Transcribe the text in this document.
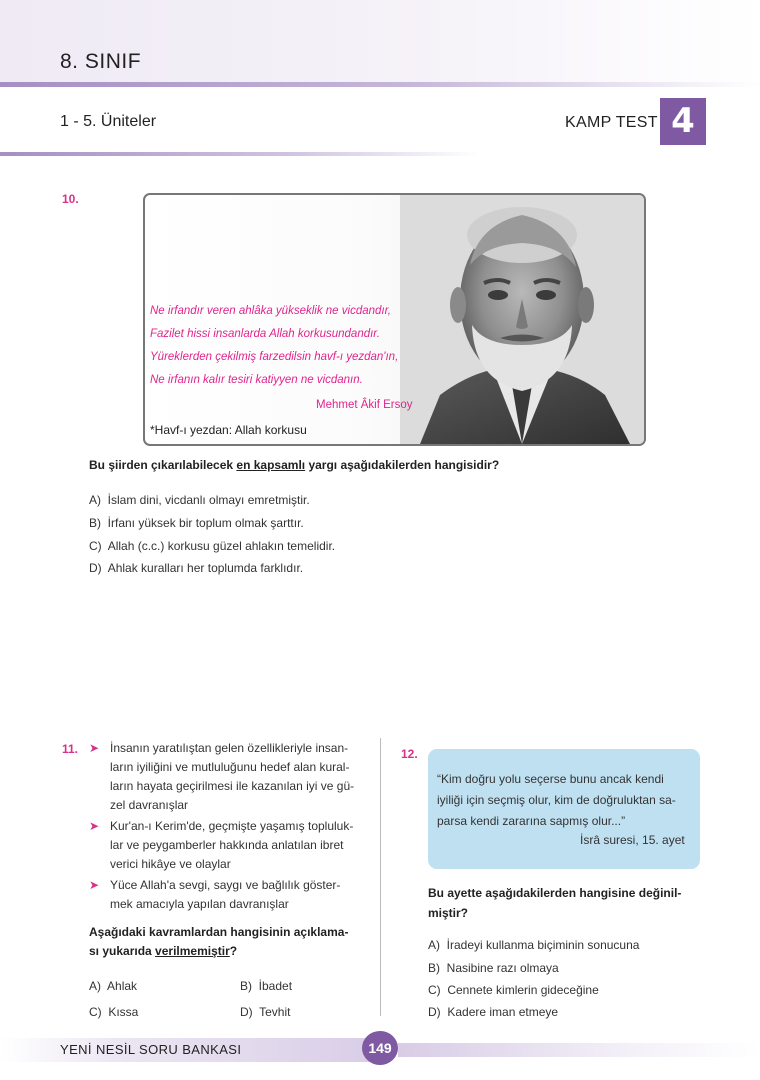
8. SINIF
1 - 5. Üniteler	KAMP TEST 4
10.
Ne irfandır veren ahlâka yükseklik ne vicdandır,
Fazilet hissi insanlarda Allah korkusundandır.
Yüreklerden çekilmiş farzedilsin havf-ı yezdan'ın,
Ne irfanın kalır tesiri katiyyen ne vicdanın.
Mehmet Âkif Ersoy
*Havf-ı yezdan: Allah korkusu
Bu şiirden çıkarılabilecek en kapsamlı yargı aşağıdakilerden hangisidir?
A) İslam dini, vicdanlı olmayı emretmiştir.
B) İrfanı yüksek bir toplum olmak şarttır.
C) Allah (c.c.) korkusu güzel ahlakın temelidir.
D) Ahlak kuralları her toplumda farklıdır.
11. ➤ İnsanın yaratılıştan gelen özellikleriyle insan-
ların iyiliğini ve mutluluğunu hedef alan kural-
ların hayata geçirilmesi ile kazanılan iyi ve gü-
zel davranışlar
➤ Kur'an-ı Kerim'de, geçmişte yaşamış topluluk-
lar ve peygamberler hakkında anlatılan ibret
verici hikâye ve olaylar
➤ Yüce Allah'a sevgi, saygı ve bağlılık göster-
mek amacıyla yapılan davranışlar
Aşağıdaki kavramlardan hangisinin açıklama-
sı yukarıda verilmemiştir?
A) Ahlak	B) İbadet
C) Kıssa	D) Tevhit
12.
“Kim doğru yolu seçerse bunu ancak kendi
iyiliği için seçmiş olur, kim de doğruluktan sa-
parsa kendi zararına sapmış olur...”
İsrâ suresi, 15. ayet
Bu ayette aşağıdakilerden hangisine değinil-
miştir?
A) İradeyi kullanma biçiminin sonucuna
B) Nasibine razı olmaya
C) Cennete kimlerin gideceğine
D) Kadere iman etmeye
YENİ NESİL SORU BANKASI	149
